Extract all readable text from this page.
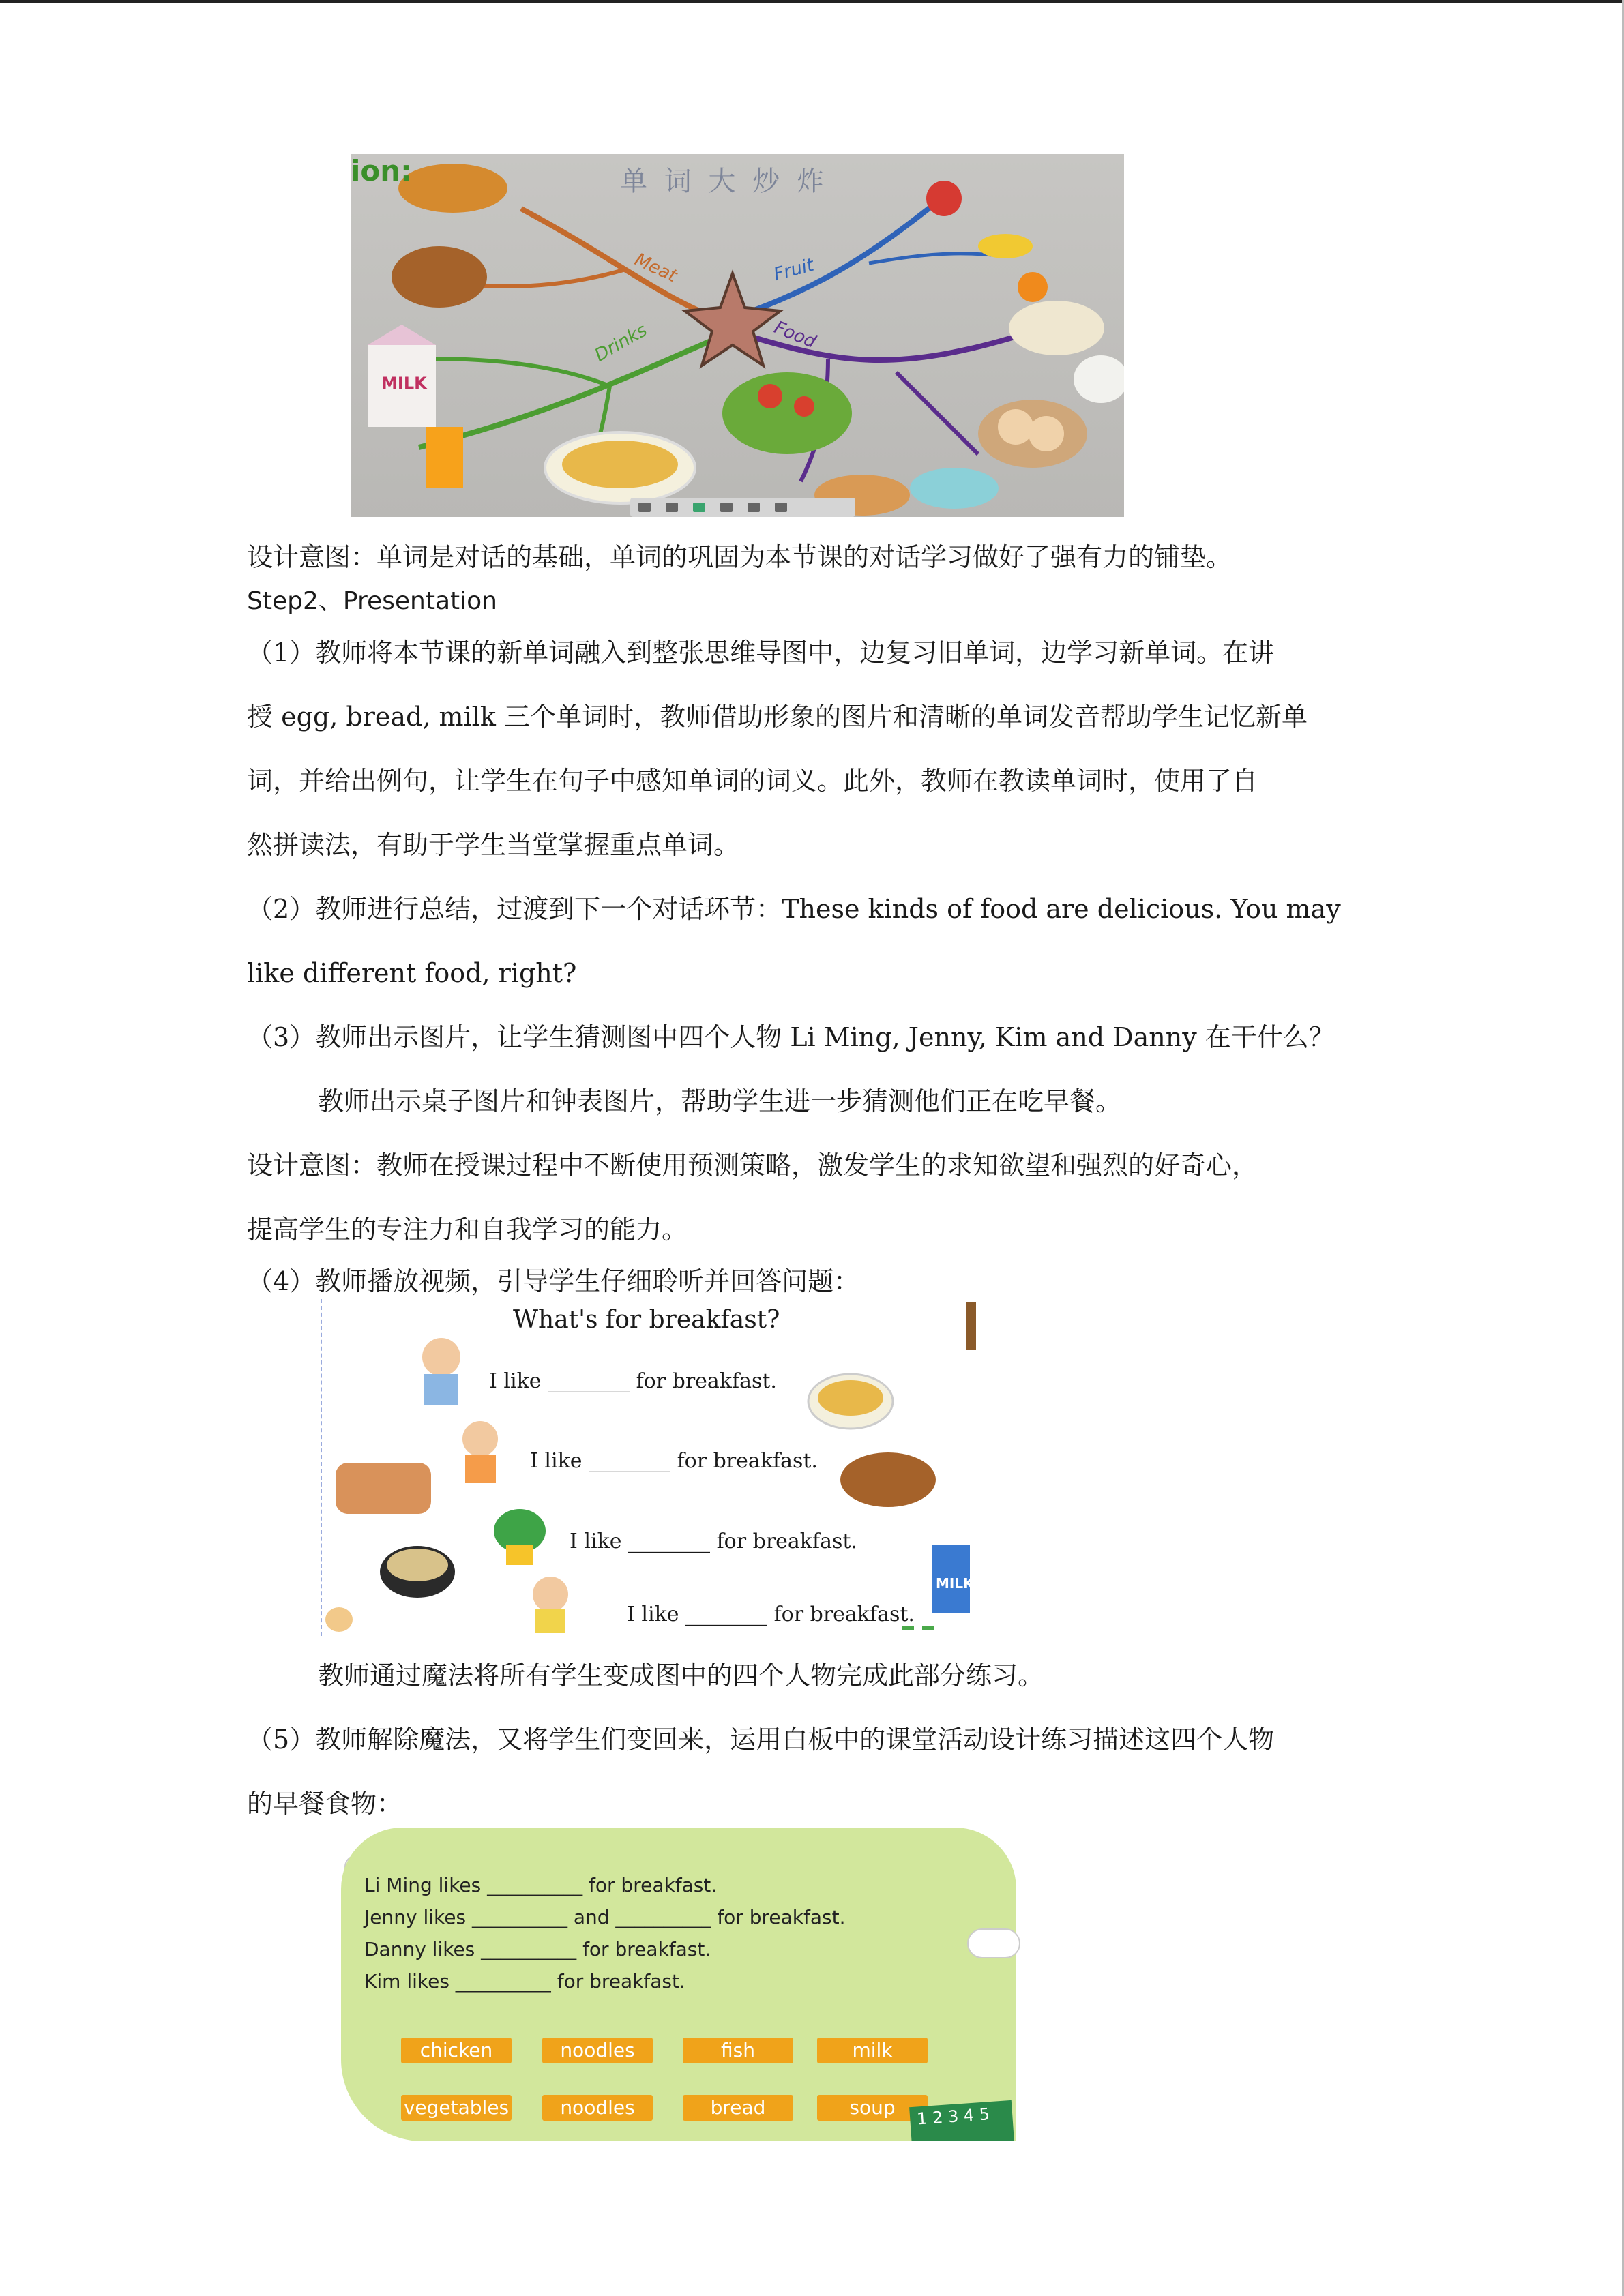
ion:	单 词 大 炒 炸
Meat	Fruit
Drinks	Food
MILK
设计意图：单词是对话的基础，单词的巩固为本节课的对话学习做好了强有力的铺垫。
Step2、Presentation
（1）教师将本节课的新单词融入到整张思维导图中，边复习旧单词，边学习新单词。在讲
授 egg, bread, milk 三个单词时，教师借助形象的图片和清晰的单词发音帮助学生记忆新单
词，并给出例句，让学生在句子中感知单词的词义。此外，教师在教读单词时，使用了自
然拼读法，有助于学生当堂掌握重点单词。
（2）教师进行总结，过渡到下一个对话环节：These kinds of food are delicious. You may
like different food, right?
（3）教师出示图片，让学生猜测图中四个人物 Li Ming, Jenny, Kim and Danny 在干什么？
教师出示桌子图片和钟表图片，帮助学生进一步猜测他们正在吃早餐。
设计意图：教师在授课过程中不断使用预测策略，激发学生的求知欲望和强烈的好奇心，
提高学生的专注力和自我学习的能力。
（4）教师播放视频，引导学生仔细聆听并回答问题：
What's for breakfast?
I like ________ for breakfast.
I like ________ for breakfast.
I like ________ for breakfast.
I like ________ for breakfast.
MILK
教师通过魔法将所有学生变成图中的四个人物完成此部分练习。
（5）教师解除魔法，又将学生们变回来，运用白板中的课堂活动设计练习描述这四个人物
的早餐食物：
Li Ming likes __________ for breakfast.
Jenny likes __________ and __________ for breakfast.
Danny likes __________ for breakfast.
Kim likes __________ for breakfast.
chicken	noodles	fish	milk
vegetables	noodles	bread	soup	1 2 3 4 5
